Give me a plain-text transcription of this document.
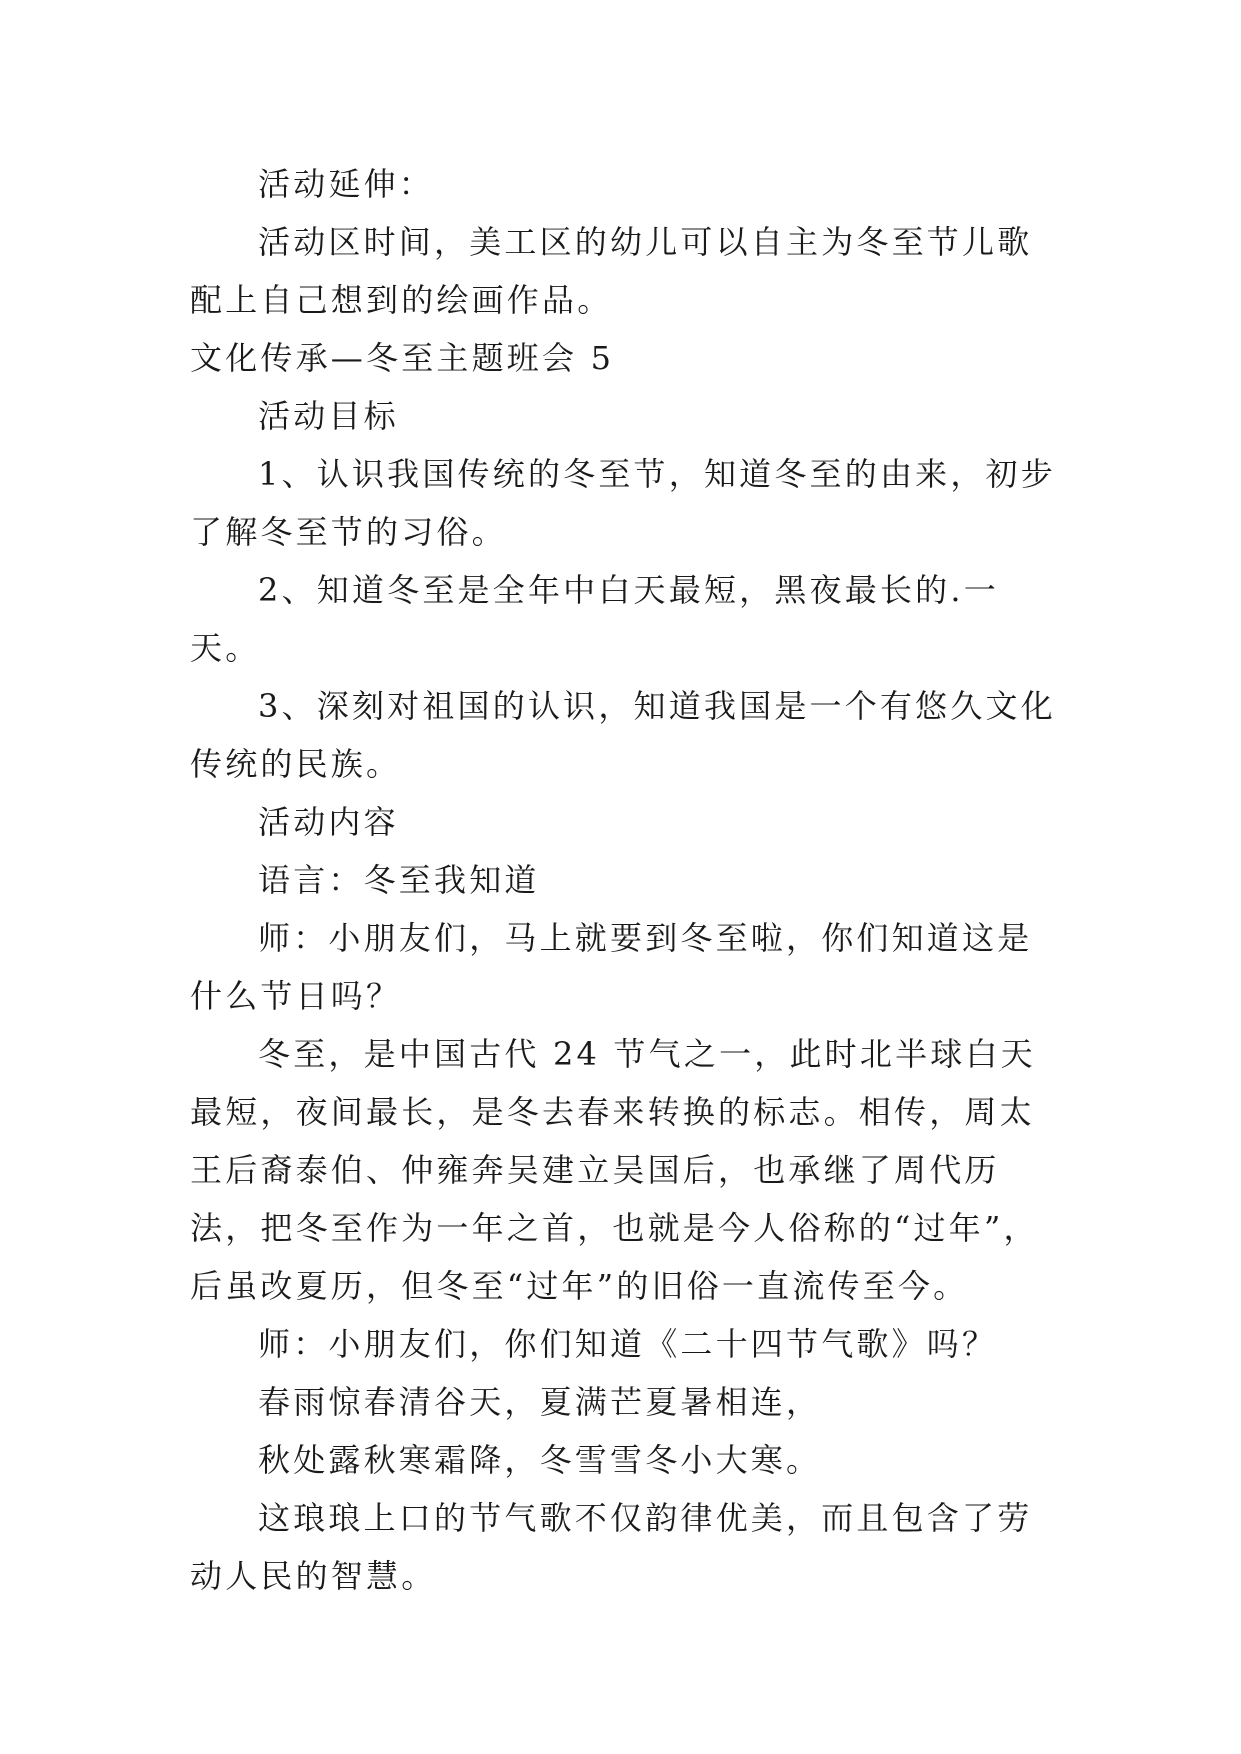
活动延伸：

活动区时间，美工区的幼儿可以自主为冬至节儿歌配上自己想到的绘画作品。

文化传承—冬至主题班会 5

活动目标

1、认识我国传统的冬至节，知道冬至的由来，初步了解冬至节的习俗。

2、知道冬至是全年中白天最短，黑夜最长的.一天。

3、深刻对祖国的认识，知道我国是一个有悠久文化传统的民族。

活动内容

语言：冬至我知道

师：小朋友们，马上就要到冬至啦，你们知道这是什么节日吗？

冬至，是中国古代 24 节气之一，此时北半球白天最短，夜间最长，是冬去春来转换的标志。相传，周太王后裔泰伯、仲雍奔吴建立吴国后，也承继了周代历法，把冬至作为一年之首，也就是今人俗称的“过年”，后虽改夏历，但冬至“过年”的旧俗一直流传至今。

师：小朋友们，你们知道《二十四节气歌》吗？

春雨惊春清谷天，夏满芒夏暑相连，

秋处露秋寒霜降，冬雪雪冬小大寒。

这琅琅上口的节气歌不仅韵律优美，而且包含了劳动人民的智慧。
